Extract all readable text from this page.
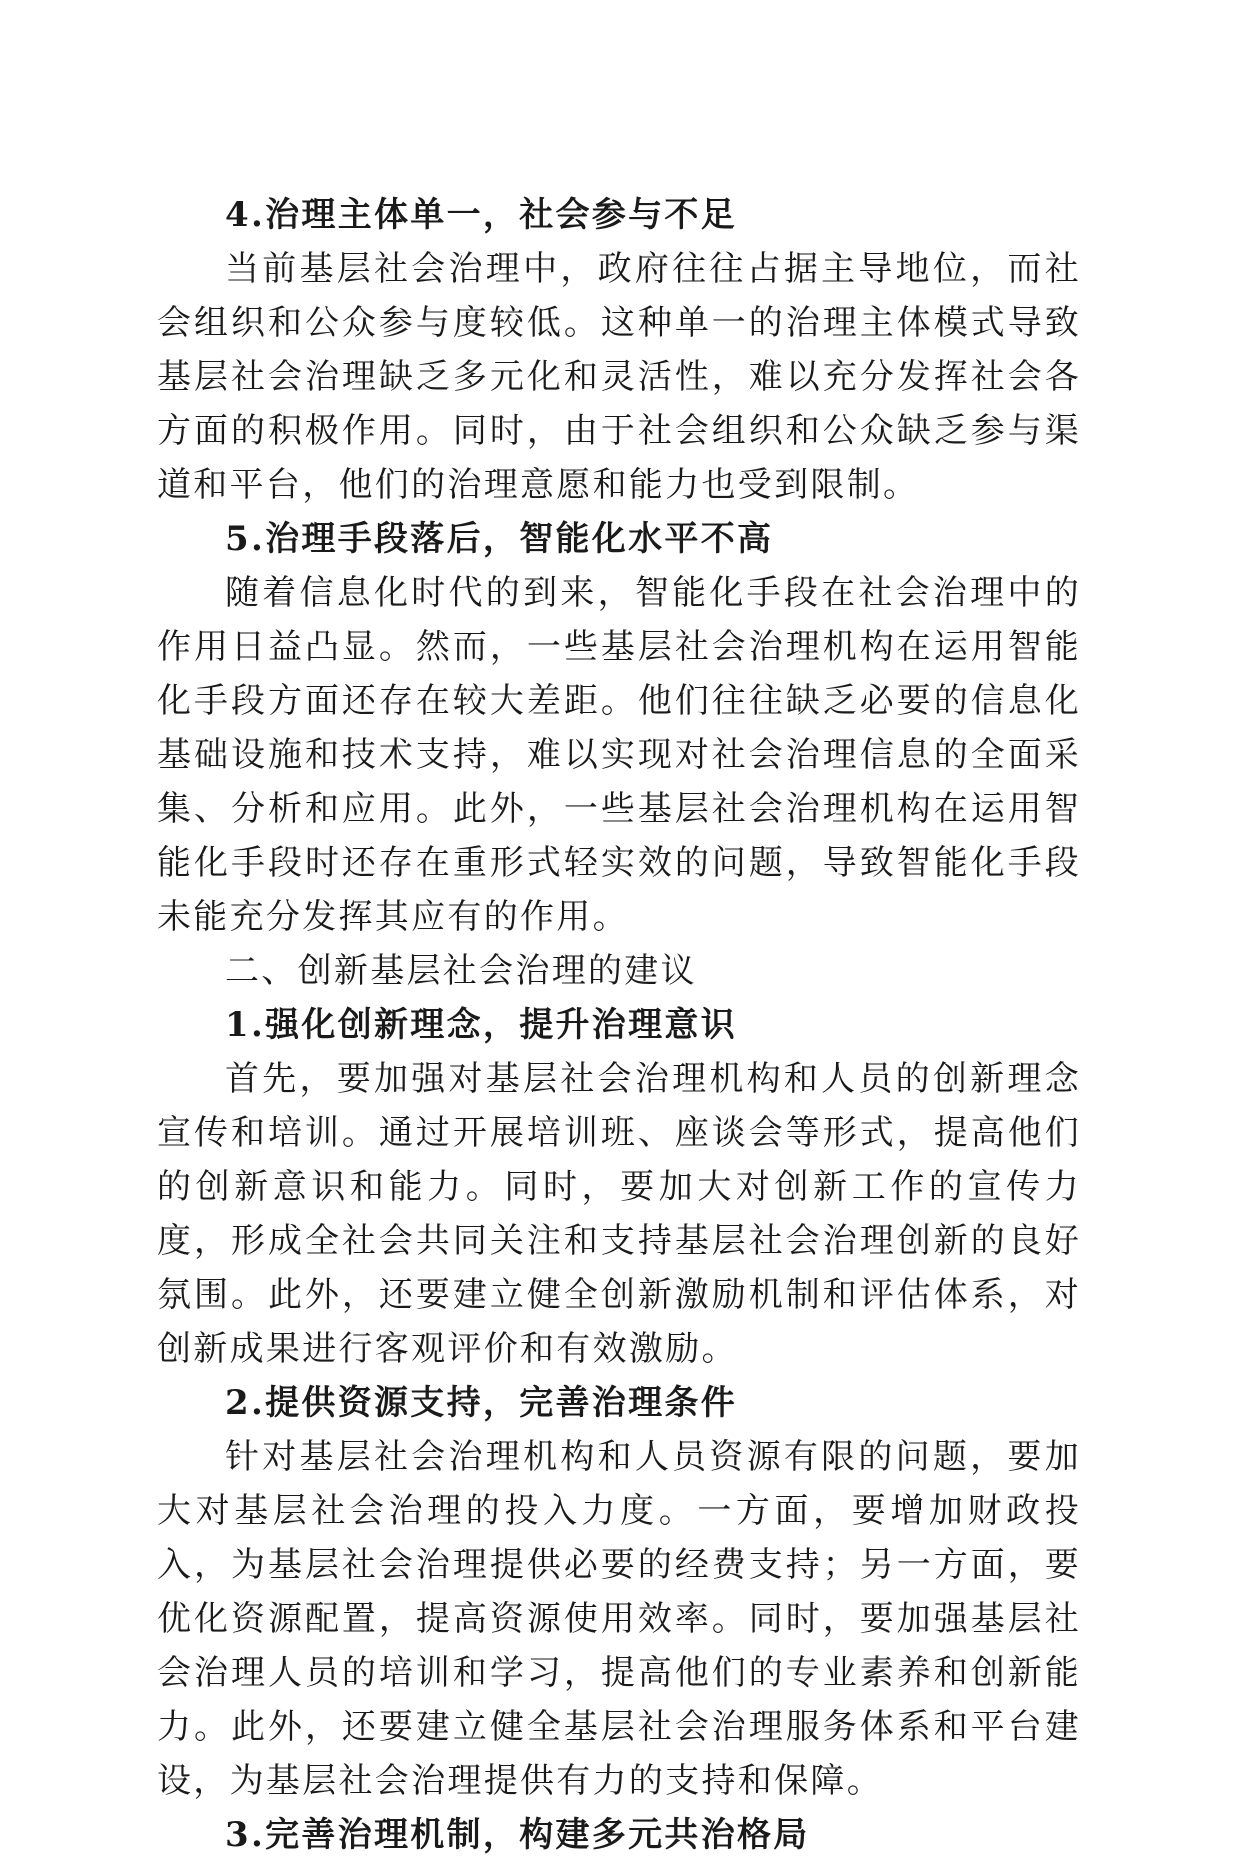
4.治理主体单一，社会参与不足

当前基层社会治理中，政府往往占据主导地位，而社会组织和公众参与度较低。这种单一的治理主体模式导致基层社会治理缺乏多元化和灵活性，难以充分发挥社会各方面的积极作用。同时，由于社会组织和公众缺乏参与渠道和平台，他们的治理意愿和能力也受到限制。

5.治理手段落后，智能化水平不高

随着信息化时代的到来，智能化手段在社会治理中的作用日益凸显。然而，一些基层社会治理机构在运用智能化手段方面还存在较大差距。他们往往缺乏必要的信息化基础设施和技术支持，难以实现对社会治理信息的全面采集、分析和应用。此外，一些基层社会治理机构在运用智能化手段时还存在重形式轻实效的问题，导致智能化手段未能充分发挥其应有的作用。

二、创新基层社会治理的建议

1.强化创新理念，提升治理意识

首先，要加强对基层社会治理机构和人员的创新理念宣传和培训。通过开展培训班、座谈会等形式，提高他们的创新意识和能力。同时，要加大对创新工作的宣传力度，形成全社会共同关注和支持基层社会治理创新的良好氛围。此外，还要建立健全创新激励机制和评估体系，对创新成果进行客观评价和有效激励。

2.提供资源支持，完善治理条件

针对基层社会治理机构和人员资源有限的问题，要加大对基层社会治理的投入力度。一方面，要增加财政投入，为基层社会治理提供必要的经费支持；另一方面，要优化资源配置，提高资源使用效率。同时，要加强基层社会治理人员的培训和学习，提高他们的专业素养和创新能力。此外，还要建立健全基层社会治理服务体系和平台建设，为基层社会治理提供有力的支持和保障。

3.完善治理机制，构建多元共治格局
